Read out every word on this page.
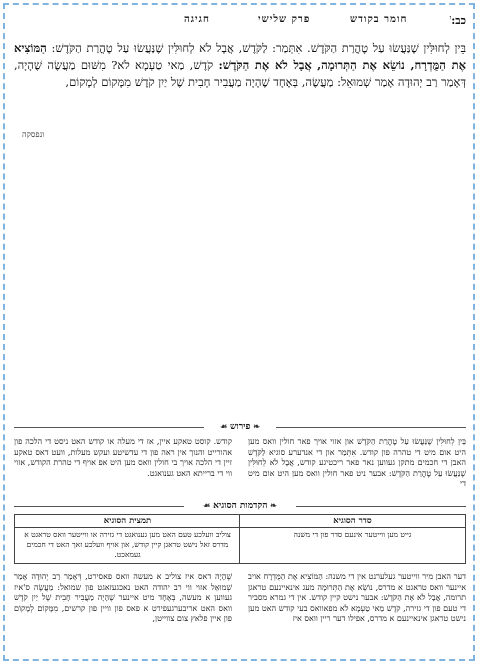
כב:$^ו$
חגיגה	פרק שלישי	חומר בקודש
בֵּין לְחוּלִּין שֶׁנַּעֲשׂוּ עַל טׇהֳרַת הַקֹּדֶשׁ. אִתְּמַר: לַקֹּדֶשׁ, אֲבָל לֹא לְחוּלִּין שֶׁנַּעֲשׂוּ עַל טׇהֳרַת הַקֹּדֶשׁ: הַמּוֹצִיא אֶת הַמֻּדְרָח, נוֹשֵׂא אֶת הַתְּרוּמָה, אֲבָל לֹא אֶת הַקֹּדֶשׁ: קֹדֶשׁ, מַאי טַעְמָא לֹא? מִשּׁוּם מַעֲשֶׂה שֶׁהָיָה, דְּאָמַר רַב יְהוּדָה אָמַר שְׁמוּאֵל: מַעֲשֶׂה, בְּאֶחָד שֶׁהָיָה מַעֲבִיר חָבִית שֶׁל יַיִן קֹדֶשׁ מִמָּקוֹם לְמָקוֹם,
ונפסקה
❧ פירוש ☙
בֵּין לְחוּלִּין שֶׁנַּעֲשׂוּ עַל טׇהֳרַת הַקֹּדֶשׁ און אזוי אויך פאר חולין וואס מען היט אום מיט די טהרה פון קודש. אִתְּמַר און די אנדערע סוגיא לַקֹּדֶשׁ האבן די חכמים מתקן געווען נאר פאר ריכטיגע קודש, אֲבָל לֹא לְחוּלִּין שֶׁנַּעֲשׂוּ עַל טׇהֳרַת הַקֹּדֶשׁ: אבער ניט פאר חולין וואס מען היט אום מיט די
קודש. קוסט טאקע איין, אז די מעלה או קודש האט ניסט די הלכה פון אהורייט והנוך אין ראה פון די עדשיטע ועקש מעלות, וועט דאס טאקע זיין די הלכה אויך בי חולין וואס מען היט אפ אויף די טהרת הקודש, אזוי ווי די ברייתא האט גענואגט.
❧ הקדמות הסוגיא ☙
סדר הסוגיא
גייט מען ווייטער אינעם סדר פון די משנה
תמצית הסוגיא
צוליב וועלכע טעם האט מען גענואגט די גזירה או ווייטער וואס טראגט א מדרס זאל נישט טראגן קיין קודש, און אויף וועלכע זאך האט די חכמים געמאכט.
דער האבן מיר ווייטער געלערנט אין די משנה: הַמּוֹצִיא אֶת הַמֻּדְרָח אויב איינער וואס טראגט א מדרס, נוֹשֵׂא אֶת הַתְּרוּמָה מעג אינאיינעם טראגן תרומה, אֲבָל לֹא אֶת הַקֹּדֶשׁ: אבער נישט קיין קודש. אין די גמרא מסביר די טעם פון די גזירה, קֹדֶשׁ מַאי טַעְמָא לֹא מפאוואס בעי קודש האט מען נישט טראגן אינאיינעם א מדרס, אפילו דער ריין וואס איז
שֶׁהָיָה דאס איז צוליב א מעשה וואס פאסירט, דְּאָמַר רַב יְהוּדָה אָמַר שְׁמוּאֵל אזוי ווי רב יהודה האט נאכגעזאגט פון שמואל: מַעֲשֶׂה ס'איז געווען א מעשה, בְּאֶחָד מיט איינער שֶׁהָיָה מַעֲבִיר חָבִית שֶׁל יַיִן קֹדֶשׁ וואס האט אריבערגעפירט א פאס פון וויין פון קרשים, מִמָּקוֹם לְמָקוֹם פון איין פלאץ צום צווייטן,
